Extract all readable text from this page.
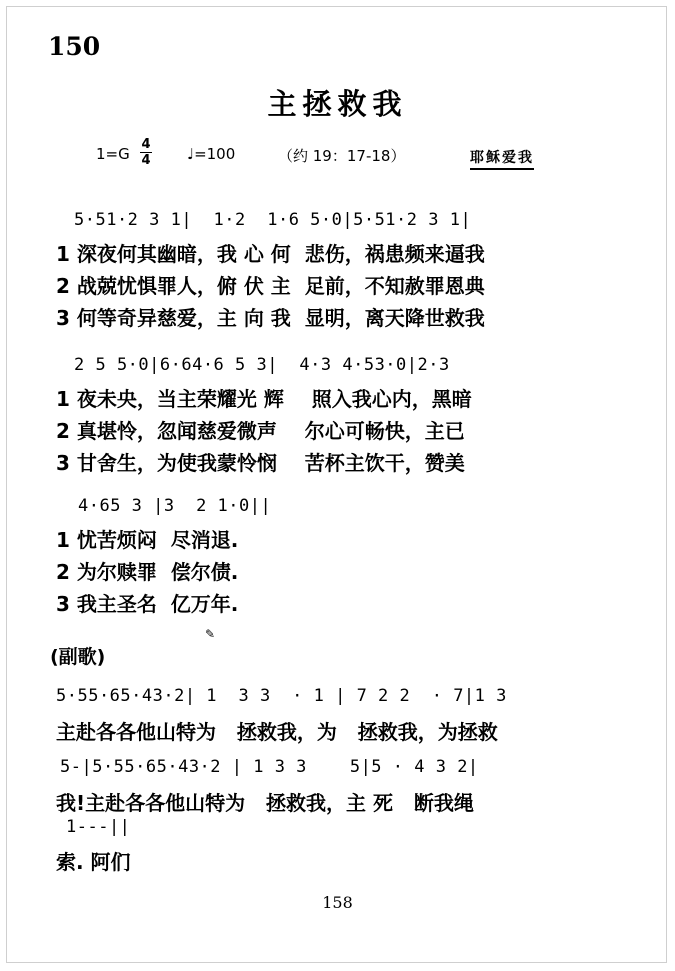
150
主拯救我
1=G
4
4 ♩=100	（约 19：17-18）	耶稣爱我
5·51·2 3 1|  1·2  1·6 5·0|5·51·2 3 1|
1 深夜何其幽暗，我 心 何  悲伤，祸患频来逼我
2 战兢忧惧罪人，俯 伏 主  足前，不知赦罪恩典
3 何等奇异慈爱，主 向 我  显明，离天降世救我
2 5 5·0|6·64·6 5 3|  4·3 4·53·0|2·3
1 夜未央，当主荣耀光 辉    照入我心内，黑暗
2 真堪怜，忽闻慈爱微声    尔心可畅快，主已
3 甘舍生，为使我蒙怜悯    苦杯主饮干，赞美
4·65 3 |3  2 1·0||
1 忧苦烦闷  尽消退.
2 为尔赎罪  偿尔债.
3 我主圣名  亿万年.
✎
(副歌)
5·55·65·43·2| 1  3 3  · 1 | 7 2 2  · 7|1 3
主赴各各他山特为   拯救我，为   拯救我，为拯救
5-|5·55·65·43·2 | 1 3 3    5|5 · 4 3 2|
我!主赴各各他山特为   拯救我，主 死   断我绳
1---||
索. 阿们
158
